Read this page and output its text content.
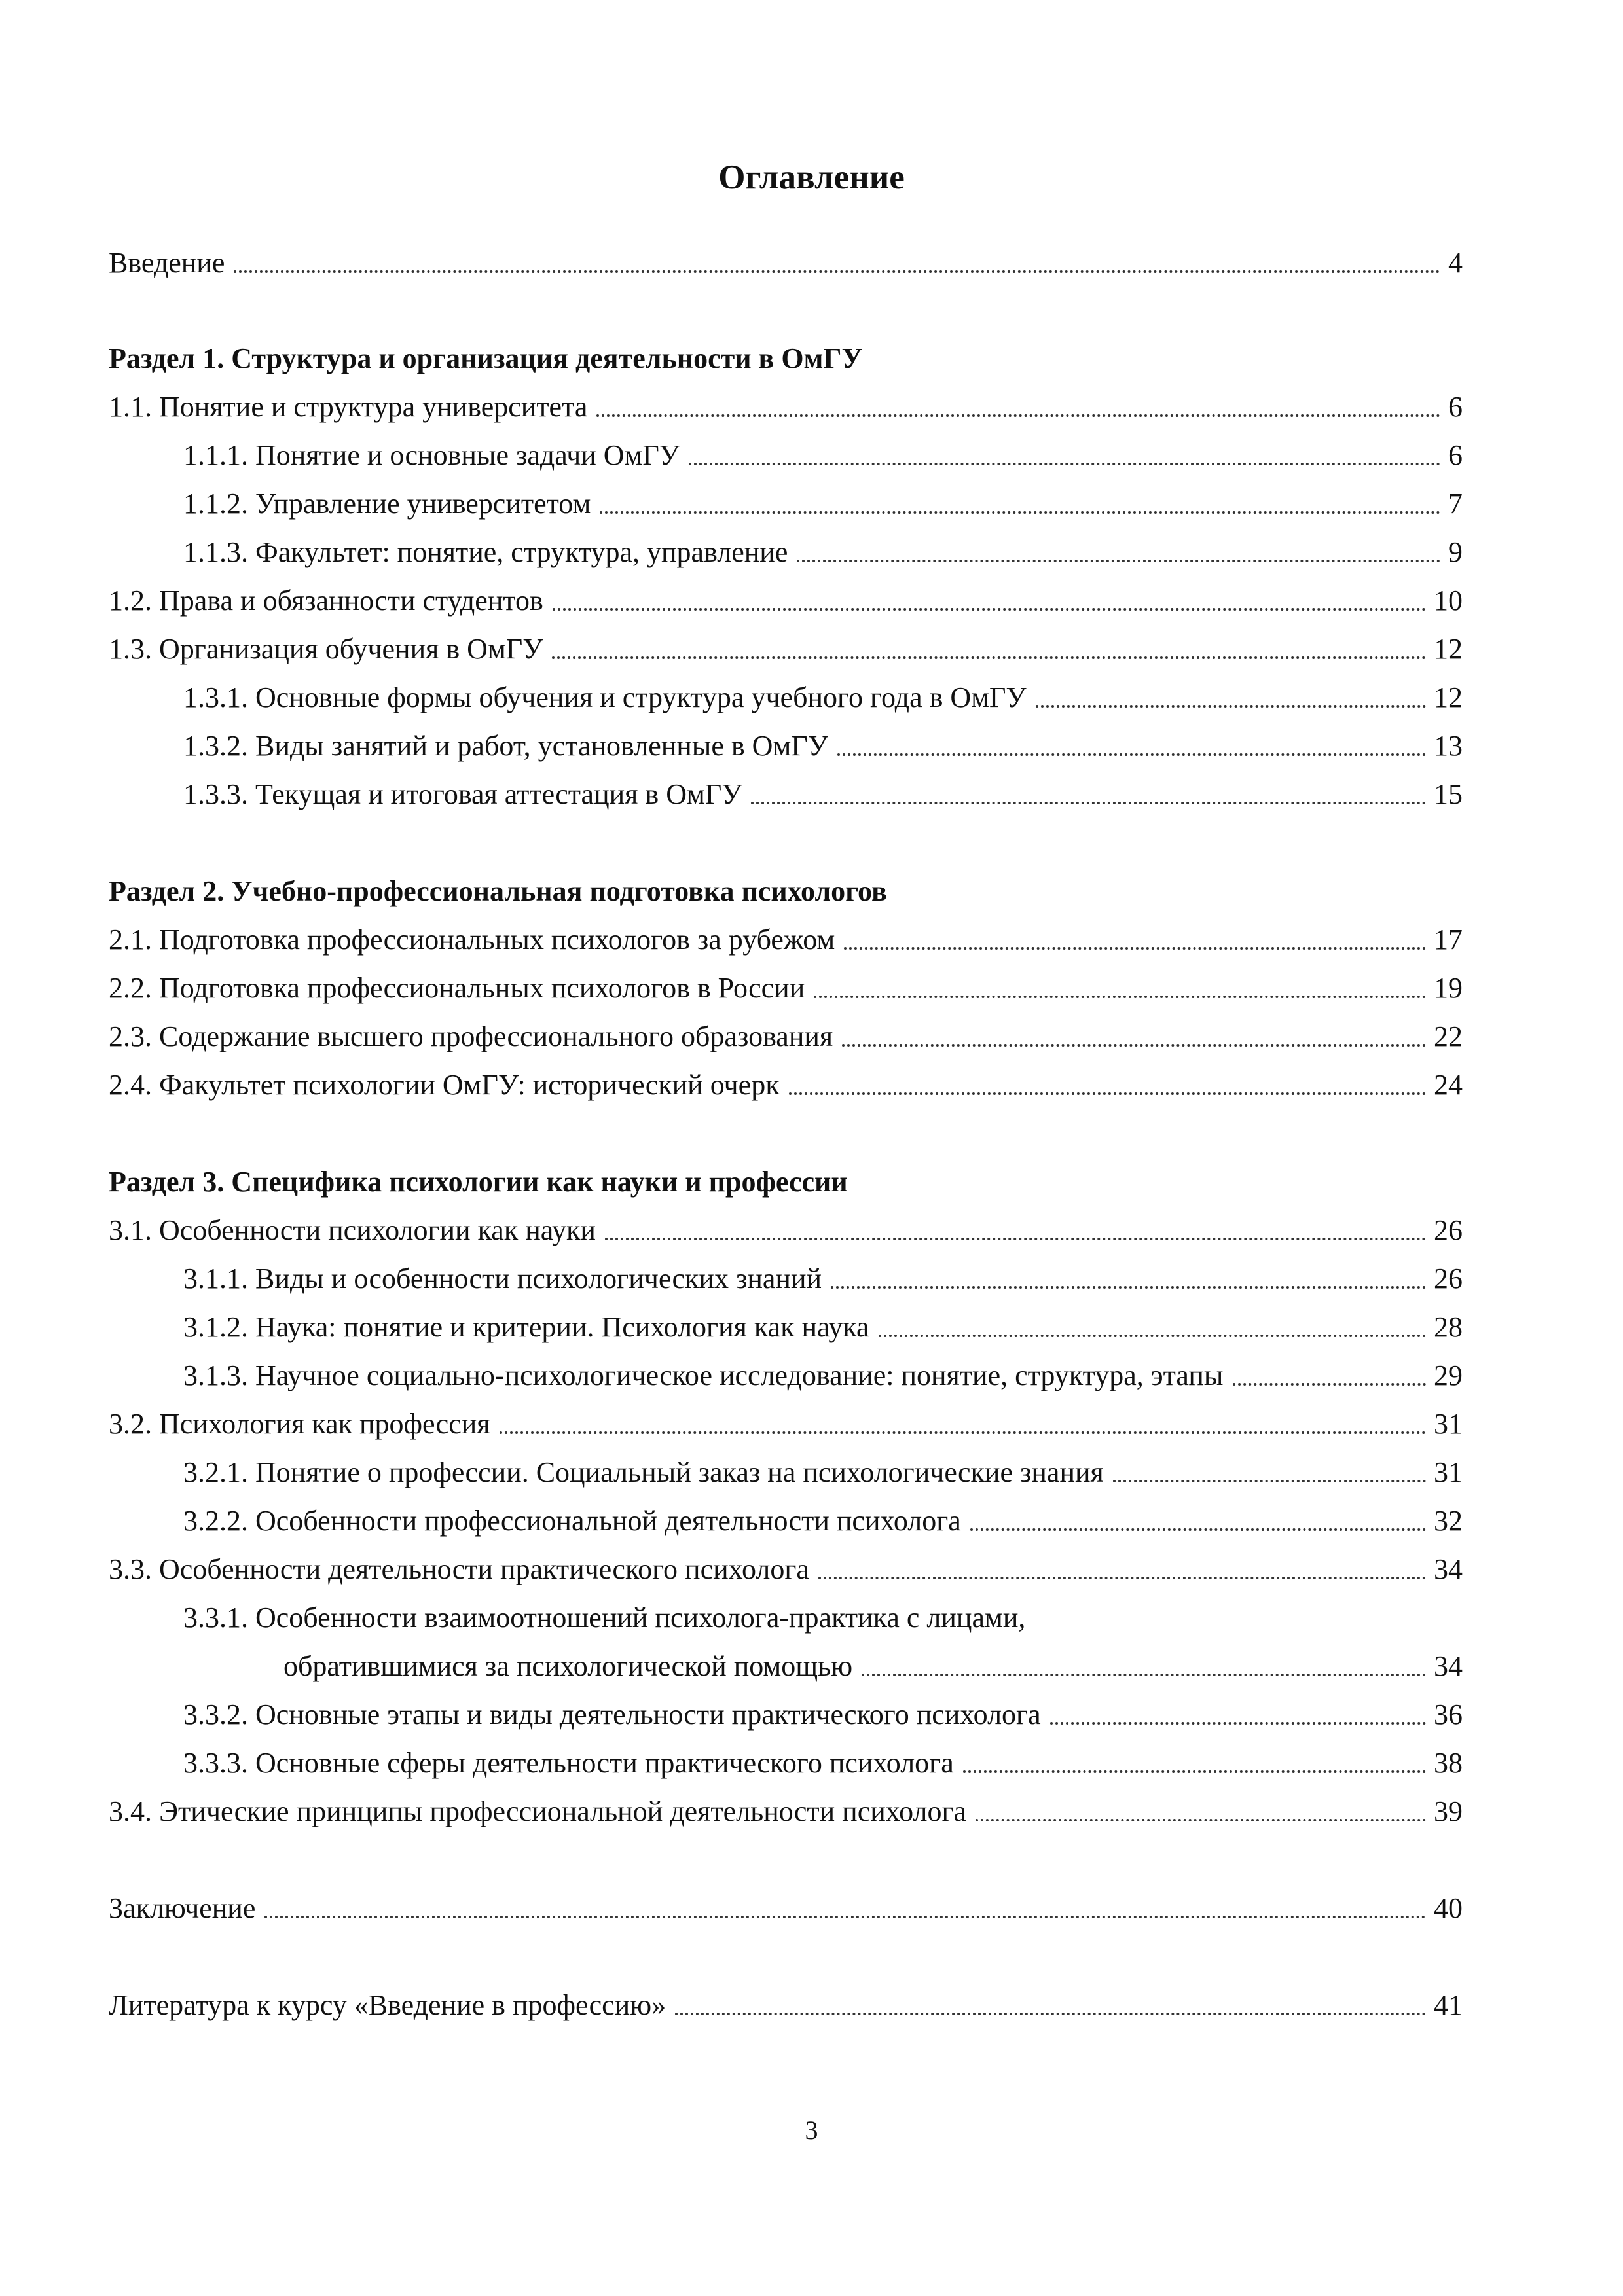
Оглавление
Введение	4
Раздел 1. Структура и организация деятельности в ОмГУ
1.1. Понятие и структура университета	6
1.1.1. Понятие и основные задачи ОмГУ	6
1.1.2. Управление университетом	7
1.1.3. Факультет: понятие, структура, управление	9
1.2. Права и обязанности студентов	10
1.3. Организация обучения в ОмГУ	12
1.3.1. Основные формы обучения и структура учебного года в ОмГУ	12
1.3.2. Виды занятий и работ, установленные в ОмГУ	13
1.3.3. Текущая и итоговая аттестация в ОмГУ	15
Раздел 2. Учебно-профессиональная подготовка психологов
2.1. Подготовка профессиональных психологов за рубежом	17
2.2. Подготовка профессиональных психологов в России	19
2.3. Содержание высшего профессионального образования	22
2.4. Факультет психологии ОмГУ: исторический очерк	24
Раздел 3. Специфика психологии как науки и профессии
3.1. Особенности психологии как науки	26
3.1.1. Виды и особенности психологических знаний	26
3.1.2. Наука: понятие и критерии. Психология как наука	28
3.1.3. Научное социально-психологическое исследование: понятие, структура, этапы	29
3.2. Психология как профессия	31
3.2.1. Понятие о профессии. Социальный заказ на психологические знания	31
3.2.2. Особенности профессиональной деятельности психолога	32
3.3. Особенности деятельности практического психолога	34
3.3.1. Особенности взаимоотношений психолога-практика с лицами,
обратившимися за психологической помощью	34
3.3.2. Основные этапы и виды деятельности практического психолога	36
3.3.3. Основные сферы деятельности практического психолога	38
3.4. Этические принципы профессиональной деятельности психолога	39
Заключение	40
Литература к курсу «Введение в профессию»	41
3
